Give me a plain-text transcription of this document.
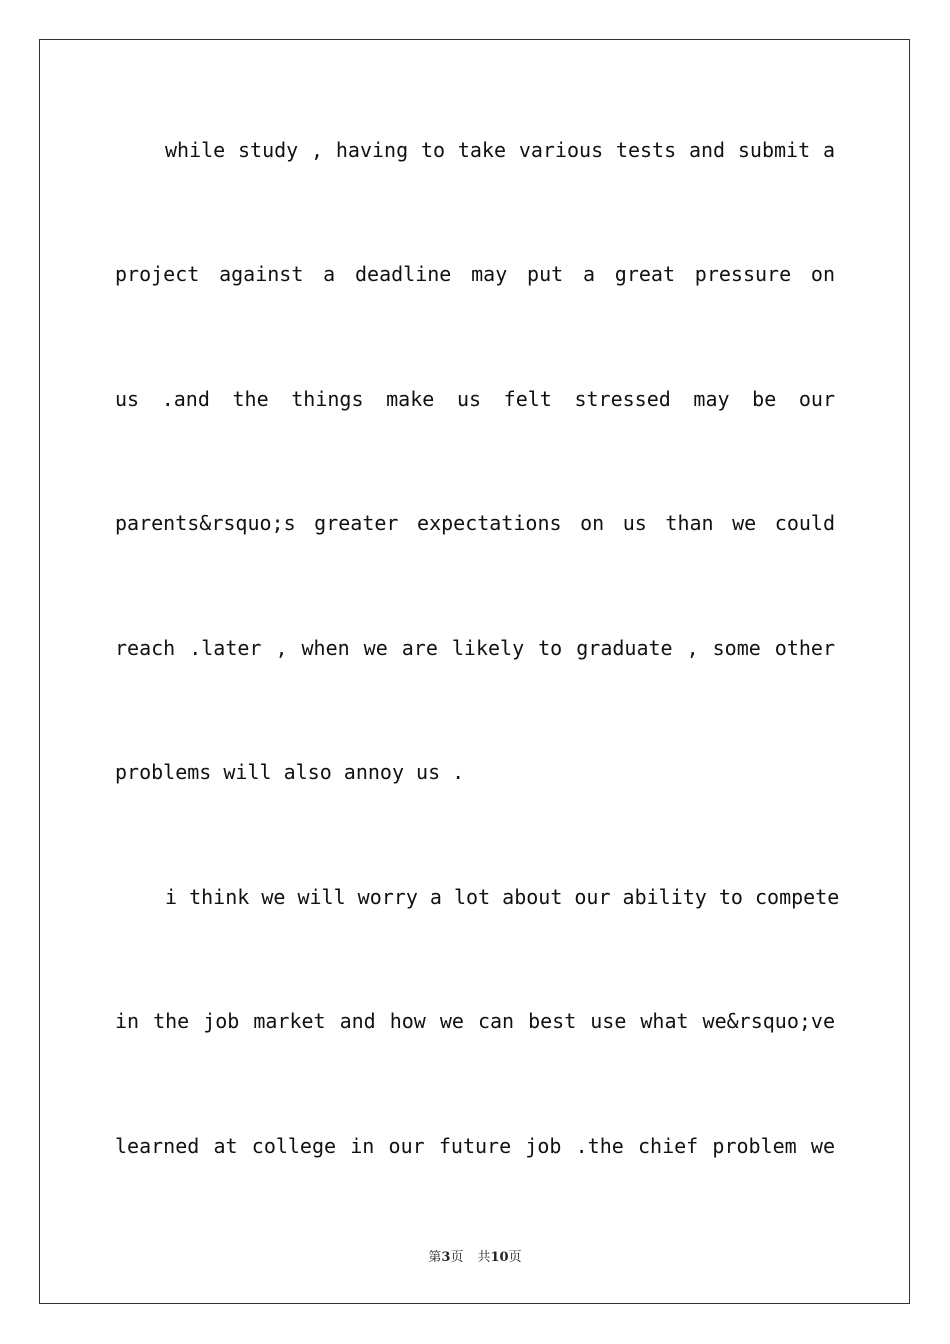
while study , having to take various tests and submit a
project against a deadline may put a great pressure on
us .and the things make us felt stressed may be our
parents&rsquo;s greater expectations on us than we could
reach .later , when we are likely to graduate , some other
problems will also annoy us .
i think we will worry a lot about our ability to compete
in the job market and how we can best use what we&rsquo;ve
learned at college in our future job .the chief problem we
第3页 共10页
